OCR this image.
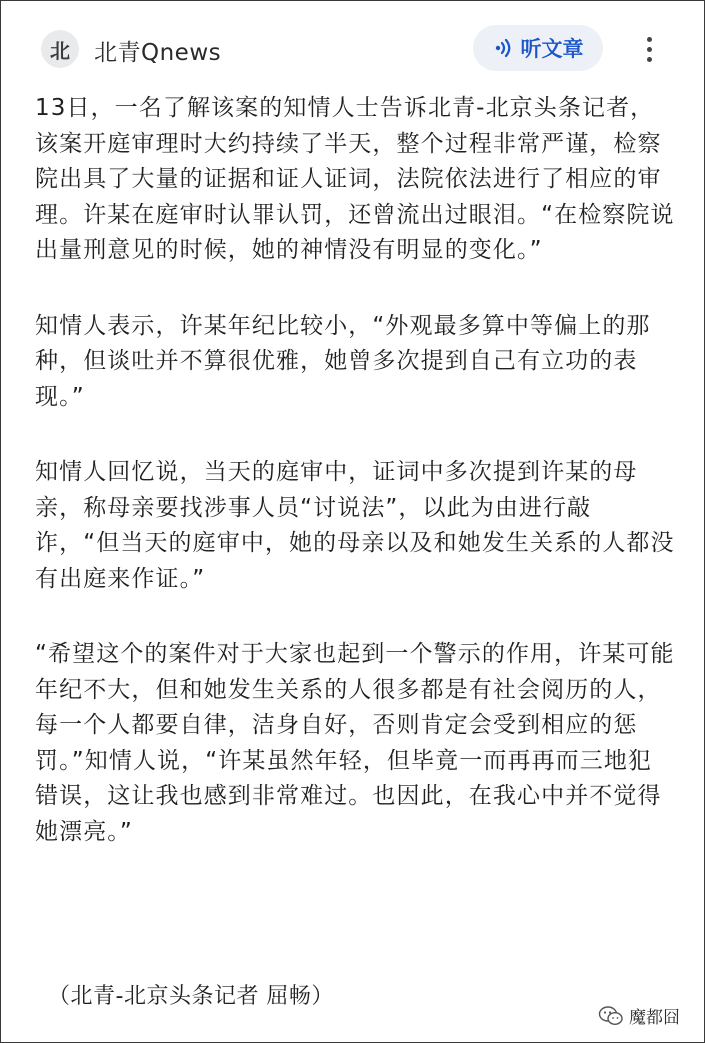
北 北青Qnews	听文章

13日，一名了解该案的知情人士告诉北青-北京头条记者，该案开庭审理时大约持续了半天，整个过程非常严谨，检察院出具了大量的证据和证人证词，法院依法进行了相应的审理。许某在庭审时认罪认罚，还曾流出过眼泪。“在检察院说出量刑意见的时候，她的神情没有明显的变化。”

知情人表示，许某年纪比较小，“外观最多算中等偏上的那种，但谈吐并不算很优雅，她曾多次提到自己有立功的表现。”

知情人回忆说，当天的庭审中，证词中多次提到许某的母亲，称母亲要找涉事人员“讨说法”，以此为由进行敲诈，“但当天的庭审中，她的母亲以及和她发生关系的人都没有出庭来作证。”

“希望这个的案件对于大家也起到一个警示的作用，许某可能年纪不大，但和她发生关系的人很多都是有社会阅历的人，每一个人都要自律，洁身自好，否则肯定会受到相应的惩罚。”知情人说，“许某虽然年轻，但毕竟一而再再而三地犯错误，这让我也感到非常难过。也因此，在我心中并不觉得她漂亮。”

（北青-北京头条记者 屈畅）
魔都囧
